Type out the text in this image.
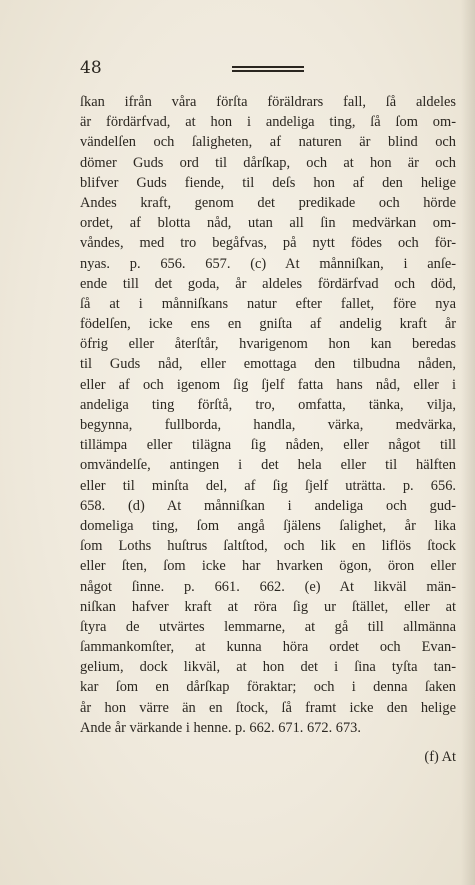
48
ſkan ifrån våra förſta föräldrars fall, ſå aldeles
är fördärfvad, at hon i andeliga ting, ſå ſom om-
vändelſen och ſaligheten, af naturen är blind och
dömer Guds ord til dårſkap, och at hon är och
blifver Guds fiende, til deſs hon af den helige
Andes kraft, genom det predikade och hörde
ordet, af blotta nåd, utan all ſin medvärkan om-
våndes, med tro begåfvas, på nytt födes och för-
nyas. p. 656. 657. (c) At månniſkan, i anſe-
ende till det goda, år aldeles fördärfvad och död,
ſå at i månniſkans natur efter fallet, före nya
födelſen, icke ens en gniſta af andelig kraft år
öfrig eller återſtår, hvarigenom hon kan beredas
til Guds nåd, eller emottaga den tilbudna nåden,
eller af och igenom ſig ſjelf fatta hans nåd, eller i
andeliga ting förſtå, tro, omfatta, tänka, vilja,
begynna, fullborda, handla, värka, medvärka,
tillämpa eller tilägna ſig nåden, eller något till
omvändelſe, antingen i det hela eller til hälften
eller til minſta del, af ſig ſjelf uträtta. p. 656.
658. (d) At månniſkan i andeliga och gud-
domeliga ting, ſom angå ſjälens ſalighet, år lika
ſom Loths huſtrus ſaltſtod, och lik en liflös ſtock
eller ſten, ſom icke har hvarken ögon, öron eller
något ſinne. p. 661. 662. (e) At likväl män-
niſkan hafver kraft at röra ſig ur ſtället, eller at
ſtyra de utvärtes lemmarne, at gå till allmänna
ſammankomſter, at kunna höra ordet och Evan-
gelium, dock likväl, at hon det i ſina tyſta tan-
kar ſom en dårſkap föraktar; och i denna ſaken
år hon värre än en ſtock, ſå framt icke den helige
Ande år värkande i henne. p. 662. 671. 672. 673.
(f) At
